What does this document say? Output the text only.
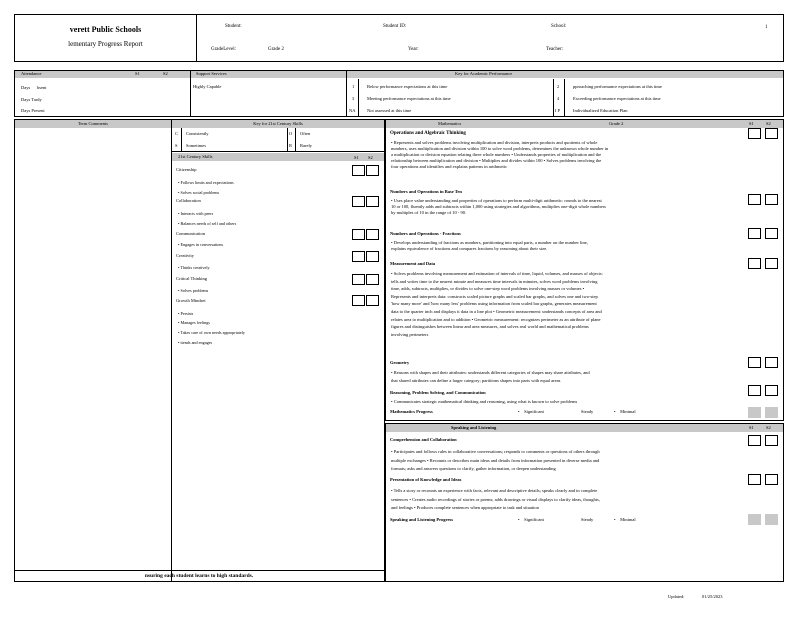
verett Public Schools
lementary Progress Report
Student:	Student ID:	School:	1
GradeLevel:	Grade 2	Year:	Teacher:
Attendance	S1	S2
Days      bsent
Days Tardy
Days Present
Support Services
Highly Capable
Key for Academic Performance
1	Below performance expectations at this time
3	Meeting performance expectations at this time
NA	Not assessed at this time
2	pproaching performance expectations at this time
4	Exceeding performance expectations at this time
I P	Individualized Education Plan
Term Comments
nsuring each student learns to high standards.
Key for 21st Century Skills
C Consistently	O Often
S Sometimes	R Rarely
21st Century Skills	S1 S2
Citizenship
• Follows limits and expectations
• Solves social problems
Collaboration
• Interacts with peers
• Balances needs of self and others
Communication
• Engages in conversations
Creativity
• Thinks creatively
Critical Thinking
• Solves problems
Growth Mindset
• Persists
• Manages feelings
• Takes care of own needs appropriately
• ttends and engages
Mathematics	Grade 2	S1	S2
Operations and Algebraic Thinking
• Represents and solves problems involving multiplication and division, interprets products and quotients of whole
numbers, uses multiplication and division within 100 to solve word problems, determines the unknown whole number in
a multiplication or division equation relating three whole numbers • Understands properties of multiplication and the
relationship between multiplication and division • Multiplies and divides within 100 • Solves problems involving the
four operations and identifies and explains patterns in arithmetic
Numbers and Operations in Base Ten
• Uses place value understanding and properties of operations to perform multi-digit arithmetic: rounds to the nearest
10 or 100, fluently adds and subtracts within 1,000 using strategies and algorithms, multiplies one-digit whole numbers
by multiples of 10 in the range of 10 - 90.
Numbers and Operations - Fractions
• Develops understanding of fractions as numbers, partitioning into equal parts, a number on the number line,
explains equivalence of fractions and compares fractions by reasoning about their size.
Measurement and Data
• Solves problems involving measurement and estimation of intervals of time, liquid, volumes, and masses of objects:
tells and writes time to the nearest minute and measures time intervals in minutes, solves word problems involving
time, adds, subtracts, multiplies, or divides to solve one-step word problems involving masses or volumes •
Represents and interprets data: constructs scaled picture graphs and scaled bar graphs, and solves one and two-step
'how many more' and 'how many less' problems using information from scaled bar graphs, generates measurement
data to the quarter inch and displays it data in a line plot • Geometric measurement: understands concepts of area and
relates area to multiplication and to addition • Geometric measurement: recognizes perimeter as an attribute of plane
figures and distinguishes between linear and area measures, and solves real world and mathematical problems
involving perimeters
Geometry
• Reasons with shapes and their attributes: understands different categories of shapes may share attributes, and
that shared attributes can define a larger category; partitions shapes into parts with equal areas
Reasoning, Problem Solving, and Communication
• Communicates strategic mathematical thinking and reasoning, using what is known to solve problems
Mathematics Progress	•    Significant	Steady	•    Minimal
Speaking and Listening	S1	S2
Comprehension and Collaboration
• Participates and follows rules in collaborative conversations; responds to comments or questions of others through
multiple exchanges • Recounts or describes main ideas and details from information presented in diverse media and
formats; asks and answers questions to clarify, gather information, or deepen understanding
Presentation of Knowledge and Ideas
• Tells a story or recounts an experience with facts, relevant and descriptive details; speaks clearly and in complete
sentences • Creates audio recordings of stories or poems; adds drawings or visual displays to clarify ideas, thoughts,
and feelings • Produces complete sentences when appropriate to task and situation
Speaking and Listening Progress	•    Significant	Steady	•    Minimal
Updated:	01/25/2023
